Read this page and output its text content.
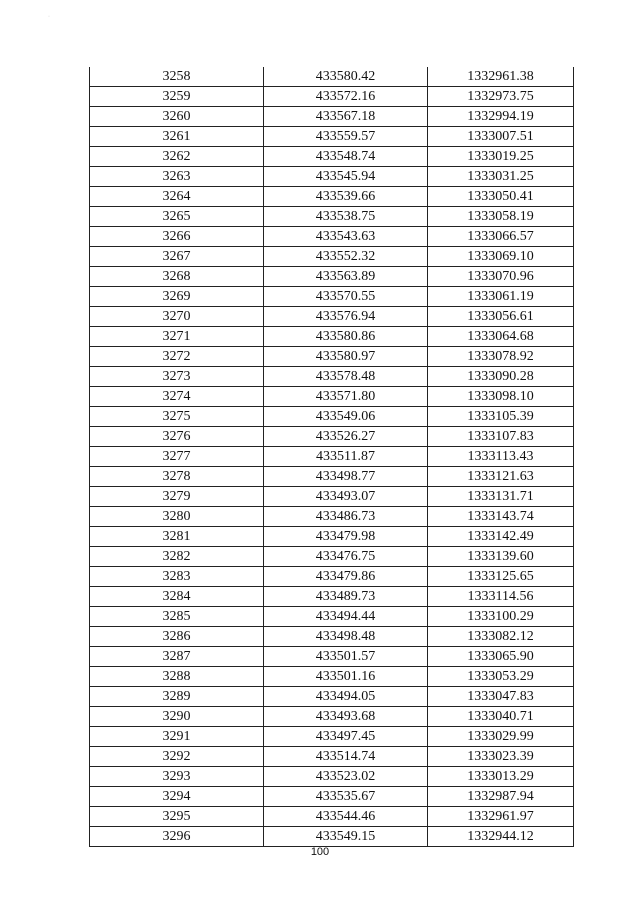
·
3258	433580.42	1332961.38
3259	433572.16	1332973.75
3260	433567.18	1332994.19
3261	433559.57	1333007.51
3262	433548.74	1333019.25
3263	433545.94	1333031.25
3264	433539.66	1333050.41
3265	433538.75	1333058.19
3266	433543.63	1333066.57
3267	433552.32	1333069.10
3268	433563.89	1333070.96
3269	433570.55	1333061.19
3270	433576.94	1333056.61
3271	433580.86	1333064.68
3272	433580.97	1333078.92
3273	433578.48	1333090.28
3274	433571.80	1333098.10
3275	433549.06	1333105.39
3276	433526.27	1333107.83
3277	433511.87	1333113.43
3278	433498.77	1333121.63
3279	433493.07	1333131.71
3280	433486.73	1333143.74
3281	433479.98	1333142.49
3282	433476.75	1333139.60
3283	433479.86	1333125.65
3284	433489.73	1333114.56
3285	433494.44	1333100.29
3286	433498.48	1333082.12
3287	433501.57	1333065.90
3288	433501.16	1333053.29
3289	433494.05	1333047.83
3290	433493.68	1333040.71
3291	433497.45	1333029.99
3292	433514.74	1333023.39
3293	433523.02	1333013.29
3294	433535.67	1332987.94
3295	433544.46	1332961.97
3296	433549.15	1332944.12
100
